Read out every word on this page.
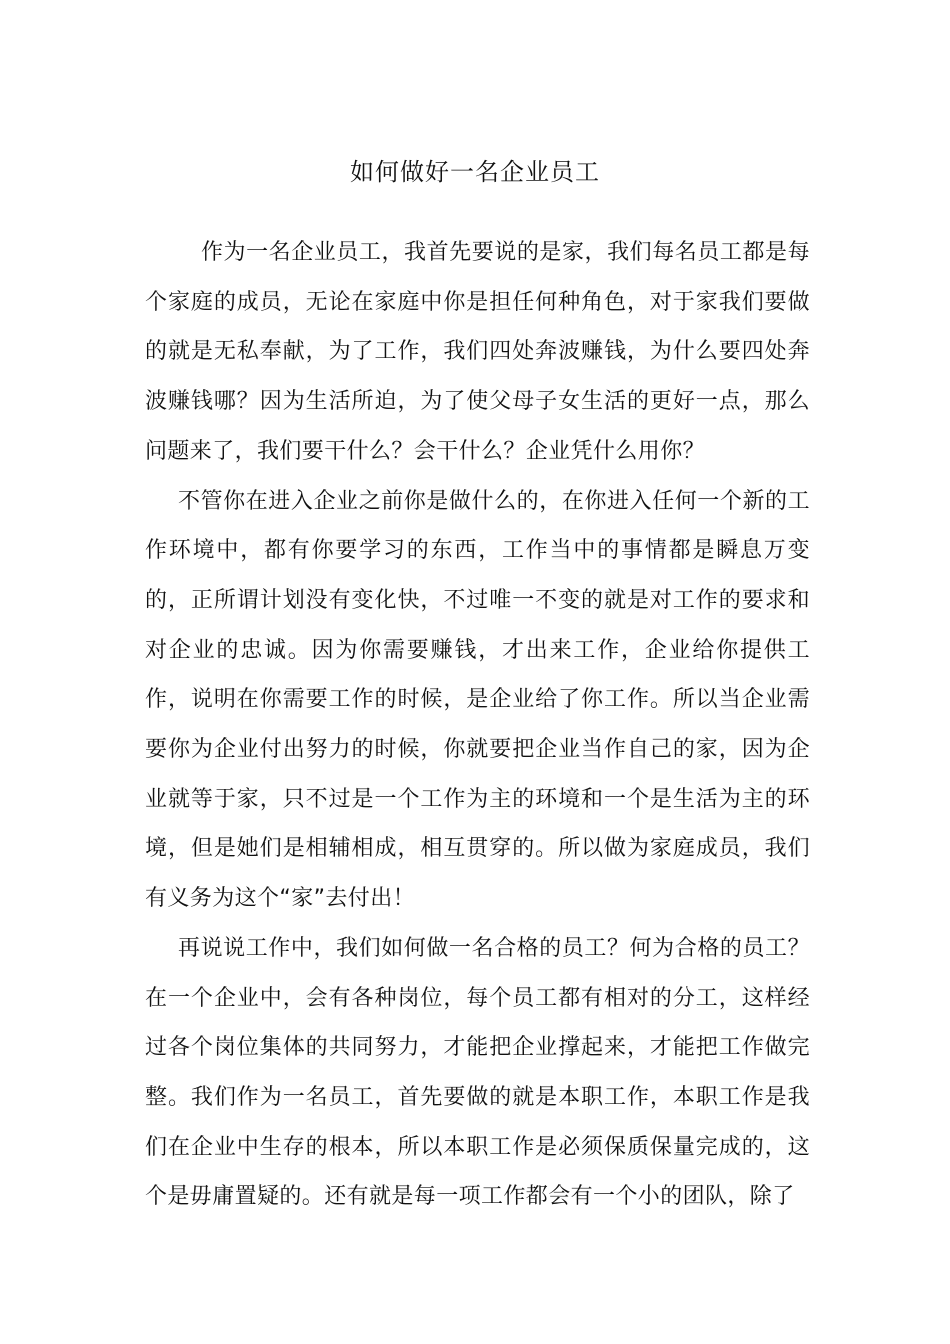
如何做好一名企业员工

作为一名企业员工，我首先要说的是家，我们每名员工都是每个家庭的成员，无论在家庭中你是担任何种角色，对于家我们要做的就是无私奉献，为了工作，我们四处奔波赚钱，为什么要四处奔波赚钱哪？因为生活所迫，为了使父母子女生活的更好一点，那么问题来了，我们要干什么？会干什么？企业凭什么用你？

不管你在进入企业之前你是做什么的，在你进入任何一个新的工作环境中，都有你要学习的东西，工作当中的事情都是瞬息万变的，正所谓计划没有变化快，不过唯一不变的就是对工作的要求和对企业的忠诚。因为你需要赚钱，才出来工作，企业给你提供工作，说明在你需要工作的时候，是企业给了你工作。所以当企业需要你为企业付出努力的时候，你就要把企业当作自己的家，因为企业就等于家，只不过是一个工作为主的环境和一个是生活为主的环境，但是她们是相辅相成，相互贯穿的。所以做为家庭成员，我们有义务为这个“家”去付出！

再说说工作中，我们如何做一名合格的员工？何为合格的员工？在一个企业中，会有各种岗位，每个员工都有相对的分工，这样经过各个岗位集体的共同努力，才能把企业撑起来，才能把工作做完整。我们作为一名员工，首先要做的就是本职工作，本职工作是我们在企业中生存的根本，所以本职工作是必须保质保量完成的，这个是毋庸置疑的。还有就是每一项工作都会有一个小的团队，除了
